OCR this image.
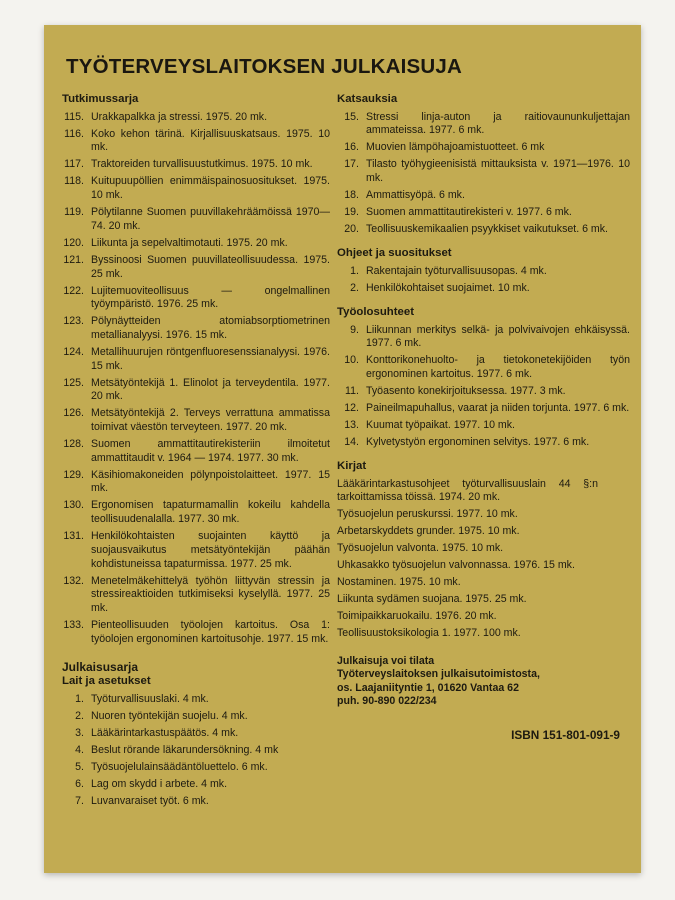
TYÖTERVEYSLAITOKSEN JULKAISUJA
Tutkimussarja
115. Urakkapalkka ja stressi. 1975. 20 mk.
116. Koko kehon tärinä. Kirjallisuuskatsaus. 1975. 10 mk.
117. Traktoreiden turvallisuustutkimus. 1975. 10 mk.
118. Kuitupuupöllien enimmäispainosuositukset. 1975. 10 mk.
119. Pölytilanne Suomen puuvillakehräämöissä 1970—74. 20 mk.
120. Liikunta ja sepelvaltimotauti. 1975. 20 mk.
121. Byssinoosi Suomen puuvillateollisuudessa. 1975. 25 mk.
122. Lujitemuoviteollisuus — ongelmallinen työympäristö. 1976. 25 mk.
123. Pölynäytteiden atomiabsorptiometrinen metallianalyysi. 1976. 15 mk.
124. Metallihuurujen röntgenfluoresenssianalyysi. 1976. 15 mk.
125. Metsätyöntekijä 1. Elinolot ja terveydentila. 1977. 20 mk.
126. Metsätyöntekijä 2. Terveys verrattuna ammatissa toimivat väestön terveyteen. 1977. 20 mk.
128. Suomen ammattitautirekisteriin ilmoitetut ammattitaudit v. 1964 — 1974. 1977. 30 mk.
129. Käsihiomakoneiden pölynpoistolaitteet. 1977. 15 mk.
130. Ergonomisen tapaturmamallin kokeilu kahdella teollisuudenalalla. 1977. 30 mk.
131. Henkilökohtaisten suojainten käyttö ja suojausvaikutus metsätyöntekijän päähän kohdistuneissa tapaturmissa. 1977. 25 mk.
132. Menetelmäkehittelyä työhön liittyvän stressin ja stressireaktioiden tutkimiseksi kyselyllä. 1977. 25 mk.
133. Pienteollisuuden työolojen kartoitus. Osa 1: työolojen ergonominen kartoitusohje. 1977. 15 mk.
Julkaisusarja
Lait ja asetukset
1. Työturvallisuuslaki. 4 mk.
2. Nuoren työntekijän suojelu. 4 mk.
3. Lääkärintarkastuspäätös. 4 mk.
4. Beslut rörande läkarundersökning. 4 mk
5. Työsuojelulainsäädäntöluettelo. 6 mk.
6. Lag om skydd i arbete. 4 mk.
7. Luvanvaraiset työt. 6 mk.
Katsauksia
15. Stressi linja-auton ja raitiovaununkuljettajan ammateissa. 1977. 6 mk.
16. Muovien lämpöhajoamistuotteet. 6 mk
17. Tilasto työhygieenisistä mittauksista v. 1971—1976. 10 mk.
18. Ammattisyöpä. 6 mk.
19. Suomen ammattitautirekisteri v. 1977. 6 mk.
20. Teollisuuskemikaalien psyykkiset vaikutukset. 6 mk.
Ohjeet ja suositukset
1. Rakentajain työturvallisuusopas. 4 mk.
2. Henkilökohtaiset suojaimet. 10 mk.
Työolosuhteet
9. Liikunnan merkitys selkä- ja polvivaivojen ehkäisyssä. 1977. 6 mk.
10. Konttorikonehuolto- ja tietokonetekijöiden työn ergonominen kartoitus. 1977. 6 mk.
11. Työasento konekirjoituksessa. 1977. 3 mk.
12. Paineilmapuhallus, vaarat ja niiden torjunta. 1977. 6 mk.
13. Kuumat työpaikat. 1977. 10 mk.
14. Kylvetystyön ergonominen selvitys. 1977. 6 mk.
Kirjat
Lääkärintarkastusohjeet työturvallisuuslain 44 §:n tarkoittamissa töissä. 1974. 20 mk.
Työsuojelun peruskurssi. 1977. 10 mk.
Arbetarskyddets grunder. 1975. 10 mk.
Työsuojelun valvonta. 1975. 10 mk.
Uhkasakko työsuojelun valvonnassa. 1976. 15 mk.
Nostaminen. 1975. 10 mk.
Liikunta sydämen suojana. 1975. 25 mk.
Toimipaikkaruokailu. 1976. 20 mk.
Teollisuustoksikologia 1. 1977. 100 mk.
Julkaisuja voi tilata
Työterveyslaitoksen julkaisutoimistosta,
os. Laajaniityntie 1, 01620 Vantaa 62
puh. 90-890 022/234
ISBN 151-801-091-9
